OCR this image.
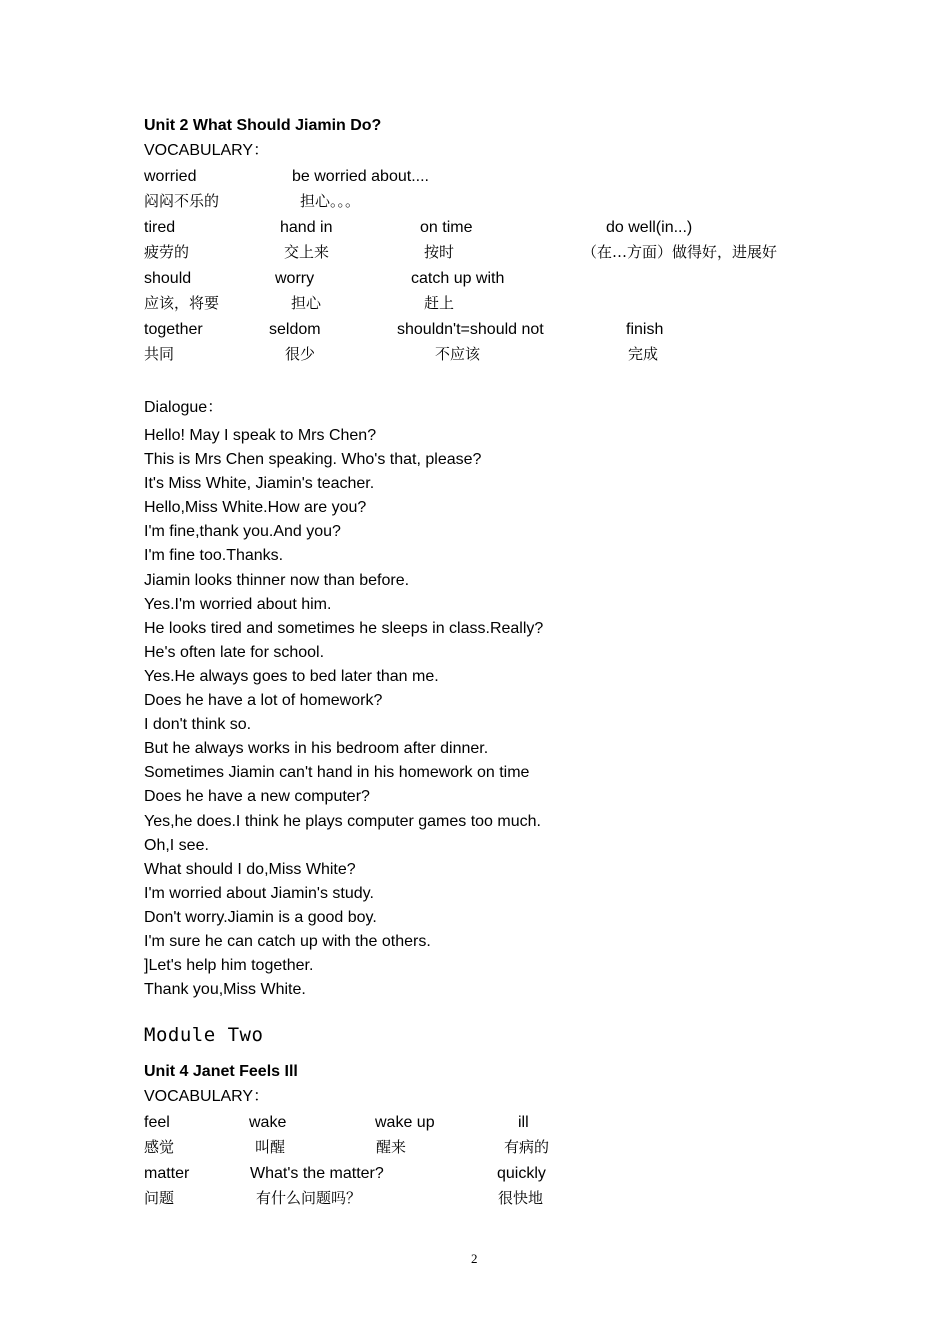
Unit 2 What Should Jiamin Do?
VOCABULARY：
worried	be worried about....
闷闷不乐的	担心。。。
tired	hand in	on time	do well(in...)
疲劳的	交上来	按时	（在…方面）做得好，进展好
should	worry	catch up with
应该，将要	担心	赶上
together	seldom	shouldn't=should not	finish
共同	很少	不应该	完成
Dialogue：
Hello! May I speak to Mrs Chen?
This is Mrs Chen speaking. Who's that, please?
It's Miss White, Jiamin's teacher.
Hello,Miss White.How are you?
I'm fine,thank you.And you?
I'm fine too.Thanks.
Jiamin looks thinner now than before.
Yes.I'm worried about him.
He looks tired and sometimes he sleeps in class.Really?
He's often late for school.
Yes.He always goes to bed later than me.
Does he have a lot of homework?
I don't think so.
But he always works in his bedroom after dinner.
Sometimes Jiamin can't hand in his homework on time
Does he have a new computer?
Yes,he does.I think he plays computer games too much.
Oh,I see.
What should I do,Miss White?
I'm worried about Jiamin's study.
Don't worry.Jiamin is a good boy.
I'm sure he can catch up with the others.
]Let's help him together.
Thank you,Miss White.
Module Two
Unit 4 Janet Feels Ill
VOCABULARY：
feel	wake	wake up	ill
感觉	叫醒	醒来	有病的
matter	What's the matter?	quickly
问题	有什么问题吗？	很快地
2
